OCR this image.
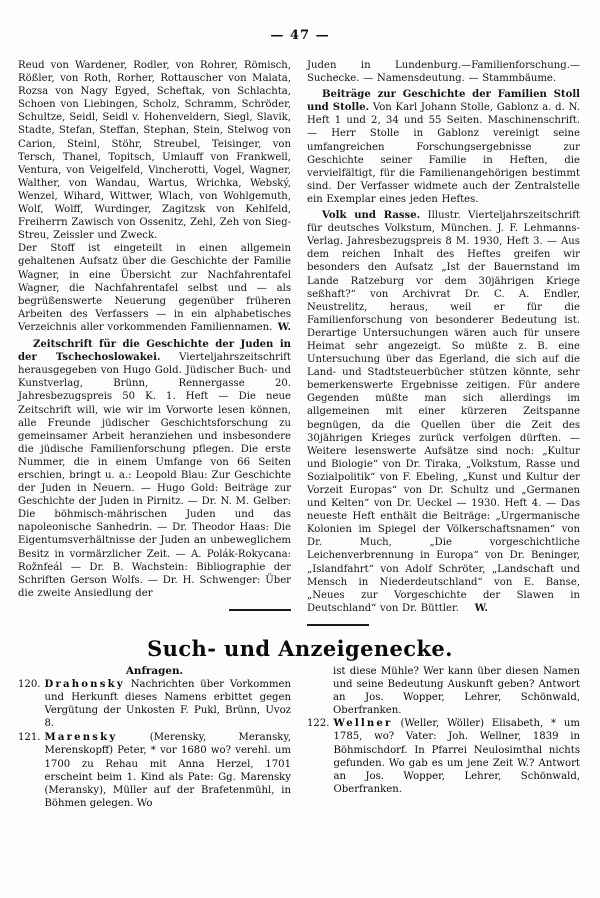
— 47 —

Reud von Wardener, Rodler, von Rohrer, Römisch, Rößler, von Roth, Rorher, Rottauscher von Malata, Rozsa von Nagy Egyed, Scheftak, von Schlachta, Schoen von Liebingen, Scholz, Schramm, Schröder, Schultze, Seidl, Seidl v. Hohenveldern, Siegl, Slavik, Stadte, Stefan, Steffan, Stephan, Stein, Stelwog von Carion, Steinl, Stöhr, Streubel, Teisinger, von Tersch, Thanel, Topitsch, Umlauff von Frankwell, Ventura, von Veigelfeld, Vincherotti, Vogel, Wagner, Walther, von Wandau, Wartus, Wrichka, Webský, Wenzel, Wihard, Wittwer, Wlach, von Wohlgemuth, Wolf, Wolff, Wurdinger, Zagitzsk von Kehlfeld, Freiherrn Zawisch von Ossenitz, Zehl, Zeh von Sieg-Streu, Zeissler und Zweck.

Der Stoff ist eingeteilt in einen allgemein gehaltenen Aufsatz über die Geschichte der Familie Wagner, in eine Übersicht zur Nachfahrentafel Wagner, die Nachfahrentafel selbst und — als begrüßenswerte Neuerung gegenüber früheren Arbeiten des Verfassers — in ein alphabetisches Verzeichnis aller vorkommenden Familiennamen. W.

Zeitschrift für die Geschichte der Juden in der Tschechoslowakei. Vierteljahrszeitschrift herausgegeben von Hugo Gold. Jüdischer Buch- und Kunstverlag, Brünn, Rennergasse 20. Jahresbezugspreis 50 K. 1. Heft — Die neue Zeitschrift will, wie wir im Vorworte lesen können, alle Freunde jüdischer Geschichtsforschung zu gemeinsamer Arbeit heranziehen und insbesondere die jüdische Familienforschung pflegen. Die erste Nummer, die in einem Umfange von 66 Seiten erschien, bringt u. a.: Leopold Blau: Zur Geschichte der Juden in Neuern. — Hugo Gold: Beiträge zur Geschichte der Juden in Pirnitz. — Dr. N. M. Gelber: Die böhmisch-mährischen Juden und das napoleonische Sanhedrin. — Dr. Theodor Haas: Die Eigentumsverhältnisse der Juden an unbeweglichem Besitz in vormärzlicher Zeit. — A. Polák-Rokycana: Rožnfeál — Dr. B. Wachstein: Bibliographie der Schriften Gerson Wolfs. — Dr. H. Schwenger: Über die zweite Ansiedlung der

Juden in Lundenburg.—Familienforschung.—Suchecke. — Namensdeutung. — Stammbäume.

Beiträge zur Geschichte der Familien Stoll und Stolle. Von Karl Johann Stolle, Gablonz a. d. N. Heft 1 und 2, 34 und 55 Seiten. Maschinenschrift. — Herr Stolle in Gablonz vereinigt seine umfangreichen Forschungsergebnisse zur Geschichte seiner Familie in Heften, die vervielfältigt, für die Familienangehörigen bestimmt sind. Der Verfasser widmete auch der Zentralstelle ein Exemplar eines jeden Heftes.

Volk und Rasse. Illustr. Vierteljahrszeitschrift für deutsches Volkstum, München. J. F. Lehmanns-Verlag. Jahresbezugspreis 8 M. 1930, Heft 3. — Aus dem reichen Inhalt des Heftes greifen wir besonders den Aufsatz „Ist der Bauernstand im Lande Ratzeburg vor dem 30jährigen Kriege seßhaft?“ von Archivrat Dr. C. A. Endler, Neustrelitz, heraus, weil er für die Familienforschung von besonderer Bedeutung ist. Derartige Untersuchungen wären auch für unsere Heimat sehr angezeigt. So müßte z. B. eine Untersuchung über das Egerland, die sich auf die Land- und Stadtsteuerbücher stützen könnte, sehr bemerkenswerte Ergebnisse zeitigen. Für andere Gegenden müßte man sich allerdings im allgemeinen mit einer kürzeren Zeitspanne begnügen, da die Quellen über die Zeit des 30jährigen Krieges zurück verfolgen dürften. — Weitere lesenswerte Aufsätze sind noch: „Kultur und Biologie“ von Dr. Tiraka, „Volkstum, Rasse und Sozialpolitik“ von F. Ebeling, „Kunst und Kultur der Vorzeit Europas“ von Dr. Schultz und „Germanen und Kelten“ von Dr. Ueckel — 1930. Heft 4. — Das neueste Heft enthält die Beiträge: „Urgermanische Kolonien im Spiegel der Völkerschaftsnamen“ von Dr. Much, „Die vorgeschichtliche Leichenverbrennung in Europa“ von Dr. Beninger, „Islandfahrt“ von Adolf Schröter, „Landschaft und Mensch in Niederdeutschland“ von E. Banse, „Neues zur Vorgeschichte der Slawen in Deutschland“ von Dr. Büttler. W.

Such- und Anzeigenecke.
Anfragen.
120. Drahonsky Nachrichten über Vorkommen und Herkunft dieses Namens erbittet gegen Vergütung der Unkosten F. Pukl, Brünn, Uvoz 8.
121. Marensky	(Merensky, Meransky, Merenskopff) Peter, * vor 1680 wo? verehl. um 1700 zu Rehau mit Anna Herzel, 1701 erscheint beim 1. Kind als Pate: Gg. Marensky (Meransky), Müller auf der Brafetenmühl, in Böhmen gelegen. Wo
ist diese Mühle? Wer kann über diesen Namen und seine Bedeutung Auskunft geben? Antwort an Jos. Wopper, Lehrer, Schönwald, Oberfranken.
122. Wellner (Weller, Wöller) Elisabeth, * um 1785, wo? Vater: Joh. Wellner, 1839 in Böhmischdorf. In Pfarrei Neulosimthal nichts gefunden. Wo gab es um jene Zeit W.? Antwort an Jos. Wopper, Lehrer, Schönwald, Oberfranken.
